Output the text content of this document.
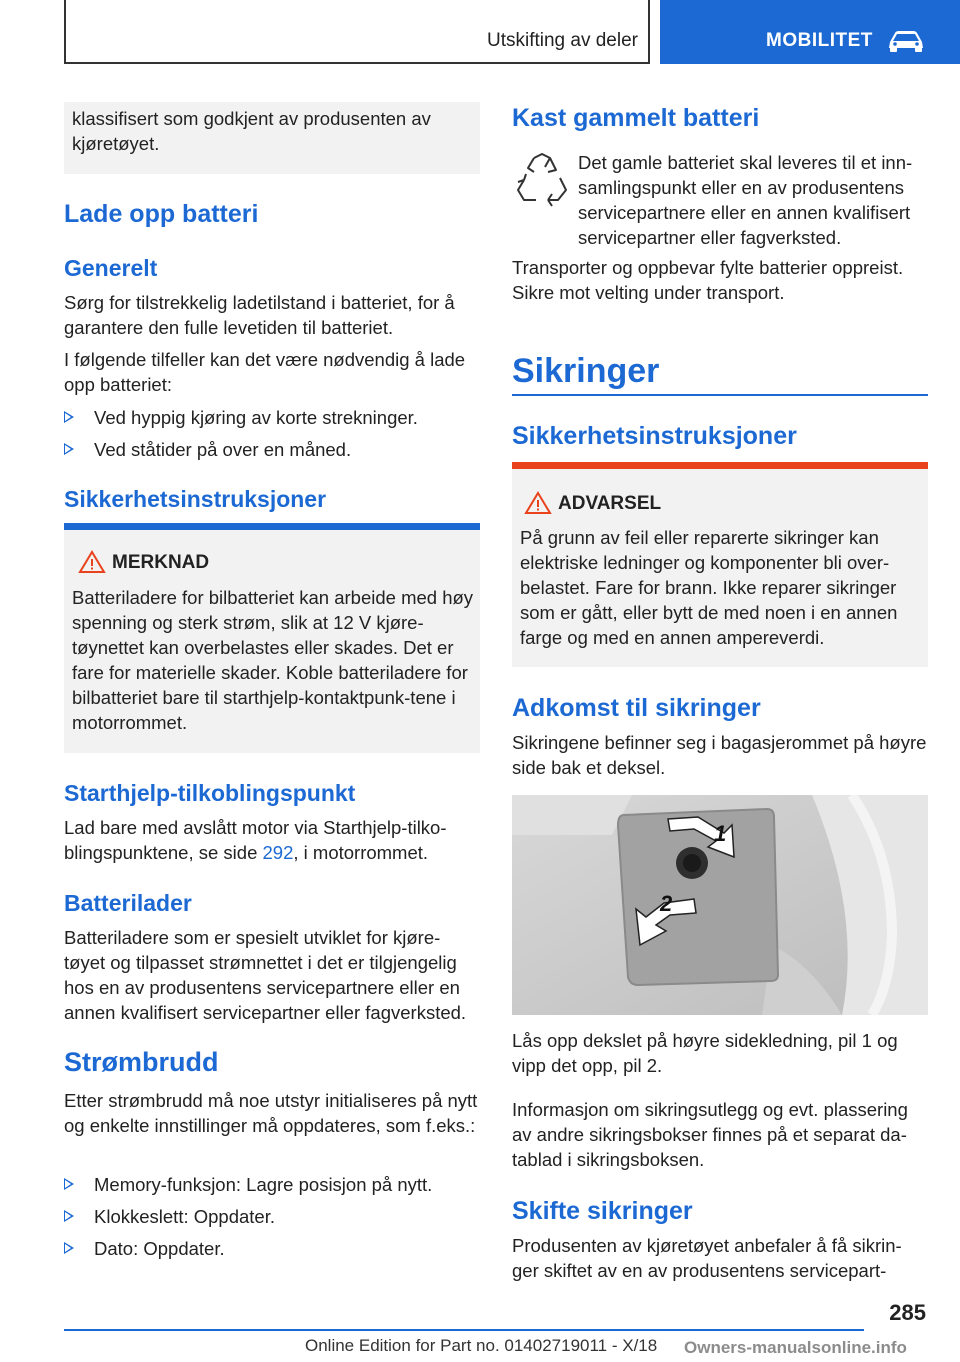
Utskifting av deler	MOBILITET
klassifisert som godkjent av produsenten av kjøretøyet.
Lade opp batteri
Generelt
Sørg for tilstrekkelig ladetilstand i batteriet, for å garantere den fulle levetiden til batteriet.
I følgende tilfeller kan det være nødvendig å lade opp batteriet:
Ved hyppig kjøring av korte strekninger.
Ved ståtider på over en måned.
Sikkerhetsinstruksjoner
MERKNAD
Batteriladere for bilbatteriet kan arbeide med høy spenning og sterk strøm, slik at 12 V kjøre-tøynettet kan overbelastes eller skades. Det er fare for materielle skader. Koble batteriladere for bilbatteriet bare til starthjelp-kontaktpunk-tene i motorrommet.
Starthjelp-tilkoblingspunkt
Lad bare med avslått motor via Starthjelp-tilko-blingspunktene, se side 292, i motorrommet.
Batterilader
Batteriladere som er spesielt utviklet for kjøre-tøyet og tilpasset strømnettet i det er tilgjengelig hos en av produsentens servicepartnere eller en annen kvalifisert servicepartner eller fagverksted.
Strømbrudd
Etter strømbrudd må noe utstyr initialiseres på nytt og enkelte innstillinger må oppdateres, som f.eks.:
Memory-funksjon: Lagre posisjon på nytt.
Klokkeslett: Oppdater.
Dato: Oppdater.
Kast gammelt batteri
Det gamle batteriet skal leveres til et inn-samlingspunkt eller en av produsentens servicepartnere eller en annen kvalifisert servicepartner eller fagverksted.
Transporter og oppbevar fylte batterier oppreist. Sikre mot velting under transport.
Sikringer
Sikkerhetsinstruksjoner
ADVARSEL
På grunn av feil eller reparerte sikringer kan elektriske ledninger og komponenter bli over-belastet. Fare for brann. Ikke reparer sikringer som er gått, eller bytt de med noen i en annen farge og med en annen ampereverdi.
Adkomst til sikringer
Sikringene befinner seg i bagasjerommet på høyre side bak et deksel.
1
2
Lås opp dekslet på høyre sidekledning, pil 1 og vipp det opp, pil 2.
Informasjon om sikringsutlegg og evt. plassering av andre sikringsbokser finnes på et separat da-tablad i sikringsboksen.
Skifte sikringer
Produsenten av kjøretøyet anbefaler å få sikrin-ger skiftet av en av produsentens servicepart-
285
Online Edition for Part no. 01402719011 - X/18 Owners-manualsonline.info
